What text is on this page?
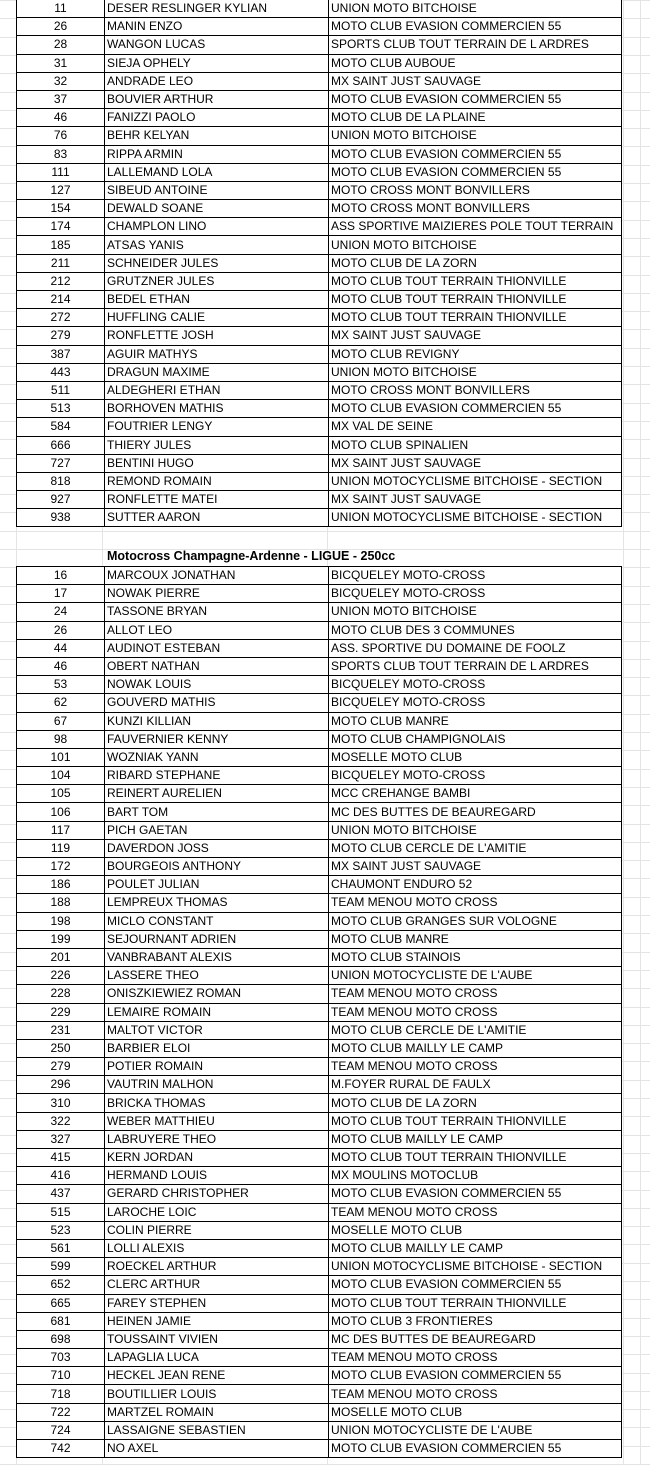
11	DESER RESLINGER KYLIAN	UNION MOTO BITCHOISE
26	MANIN ENZO	MOTO CLUB EVASION COMMERCIEN 55
28	WANGON LUCAS	SPORTS CLUB TOUT TERRAIN DE L ARDRES
31	SIEJA OPHELY	MOTO CLUB AUBOUE
32	ANDRADE LEO	MX SAINT JUST SAUVAGE
37	BOUVIER ARTHUR	MOTO CLUB EVASION COMMERCIEN 55
46	FANIZZI PAOLO	MOTO CLUB DE LA PLAINE
76	BEHR KELYAN	UNION MOTO BITCHOISE
83	RIPPA ARMIN	MOTO CLUB EVASION COMMERCIEN 55
111	LALLEMAND LOLA	MOTO CLUB EVASION COMMERCIEN 55
127	SIBEUD ANTOINE	MOTO CROSS MONT BONVILLERS
154	DEWALD SOANE	MOTO CROSS MONT BONVILLERS
174	CHAMPLON LINO	ASS SPORTIVE MAIZIERES POLE TOUT TERRAIN
185	ATSAS YANIS	UNION MOTO BITCHOISE
211	SCHNEIDER JULES	MOTO CLUB DE LA ZORN
212	GRUTZNER JULES	MOTO CLUB TOUT TERRAIN THIONVILLE
214	BEDEL ETHAN	MOTO CLUB TOUT TERRAIN THIONVILLE
272	HUFFLING CALIE	MOTO CLUB TOUT TERRAIN THIONVILLE
279	RONFLETTE JOSH	MX SAINT JUST SAUVAGE
387	AGUIR MATHYS	MOTO CLUB REVIGNY
443	DRAGUN MAXIME	UNION MOTO BITCHOISE
511	ALDEGHERI ETHAN	MOTO CROSS MONT BONVILLERS
513	BORHOVEN MATHIS	MOTO CLUB EVASION COMMERCIEN 55
584	FOUTRIER LENGY	MX VAL DE SEINE
666	THIERY JULES	MOTO CLUB SPINALIEN
727	BENTINI HUGO	MX SAINT JUST SAUVAGE
818	REMOND ROMAIN	UNION MOTOCYCLISME BITCHOISE - SECTION
927	RONFLETTE MATEI	MX SAINT JUST SAUVAGE
938	SUTTER AARON	UNION MOTOCYCLISME BITCHOISE - SECTION
Motocross Champagne-Ardenne - LIGUE - 250cc
16	MARCOUX JONATHAN	BICQUELEY MOTO-CROSS
17	NOWAK PIERRE	BICQUELEY MOTO-CROSS
24	TASSONE BRYAN	UNION MOTO BITCHOISE
26	ALLOT LEO	MOTO CLUB DES 3 COMMUNES
44	AUDINOT ESTEBAN	ASS. SPORTIVE DU DOMAINE DE FOOLZ
46	OBERT NATHAN	SPORTS CLUB TOUT TERRAIN DE L ARDRES
53	NOWAK LOUIS	BICQUELEY MOTO-CROSS
62	GOUVERD MATHIS	BICQUELEY MOTO-CROSS
67	KUNZI KILLIAN	MOTO CLUB MANRE
98	FAUVERNIER KENNY	MOTO CLUB CHAMPIGNOLAIS
101	WOZNIAK YANN	MOSELLE MOTO CLUB
104	RIBARD STEPHANE	BICQUELEY MOTO-CROSS
105	REINERT AURELIEN	MCC CREHANGE BAMBI
106	BART TOM	MC DES BUTTES DE BEAUREGARD
117	PICH GAETAN	UNION MOTO BITCHOISE
119	DAVERDON JOSS	MOTO CLUB CERCLE DE L'AMITIE
172	BOURGEOIS ANTHONY	MX SAINT JUST SAUVAGE
186	POULET JULIAN	CHAUMONT ENDURO 52
188	LEMPREUX THOMAS	TEAM MENOU MOTO CROSS
198	MICLO CONSTANT	MOTO CLUB GRANGES SUR VOLOGNE
199	SEJOURNANT ADRIEN	MOTO CLUB MANRE
201	VANBRABANT ALEXIS	MOTO CLUB STAINOIS
226	LASSERE THEO	UNION MOTOCYCLISTE DE L'AUBE
228	ONISZKIEWIEZ ROMAN	TEAM MENOU MOTO CROSS
229	LEMAIRE ROMAIN	TEAM MENOU MOTO CROSS
231	MALTOT VICTOR	MOTO CLUB CERCLE DE L'AMITIE
250	BARBIER ELOI	MOTO CLUB MAILLY LE CAMP
279	POTIER ROMAIN	TEAM MENOU MOTO CROSS
296	VAUTRIN MALHON	M.FOYER RURAL DE FAULX
310	BRICKA THOMAS	MOTO CLUB DE LA ZORN
322	WEBER MATTHIEU	MOTO CLUB TOUT TERRAIN THIONVILLE
327	LABRUYERE THEO	MOTO CLUB MAILLY LE CAMP
415	KERN JORDAN	MOTO CLUB TOUT TERRAIN THIONVILLE
416	HERMAND LOUIS	MX MOULINS MOTOCLUB
437	GERARD CHRISTOPHER	MOTO CLUB EVASION COMMERCIEN 55
515	LAROCHE LOIC	TEAM MENOU MOTO CROSS
523	COLIN PIERRE	MOSELLE MOTO CLUB
561	LOLLI ALEXIS	MOTO CLUB MAILLY LE CAMP
599	ROECKEL ARTHUR	UNION MOTOCYCLISME BITCHOISE - SECTION
652	CLERC ARTHUR	MOTO CLUB EVASION COMMERCIEN 55
665	FAREY STEPHEN	MOTO CLUB TOUT TERRAIN THIONVILLE
681	HEINEN JAMIE	MOTO CLUB 3 FRONTIERES
698	TOUSSAINT VIVIEN	MC DES BUTTES DE BEAUREGARD
703	LAPAGLIA LUCA	TEAM MENOU MOTO CROSS
710	HECKEL JEAN RENE	MOTO CLUB EVASION COMMERCIEN 55
718	BOUTILLIER LOUIS	TEAM MENOU MOTO CROSS
722	MARTZEL ROMAIN	MOSELLE MOTO CLUB
724	LASSAIGNE SEBASTIEN	UNION MOTOCYCLISTE DE L'AUBE
742	NO AXEL	MOTO CLUB EVASION COMMERCIEN 55
